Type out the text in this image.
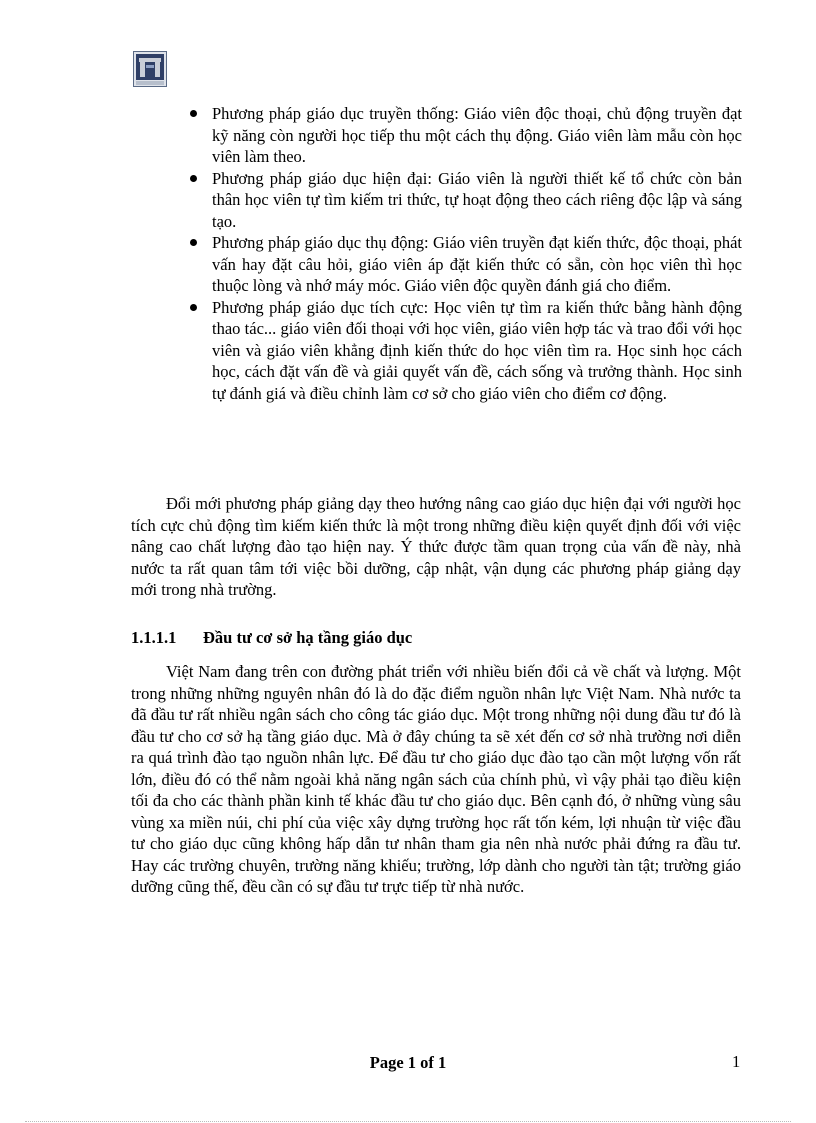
Phương pháp giáo dục truyền thống: Giáo viên độc thoại, chủ động truyền đạt kỹ năng còn người học tiếp thu một cách thụ động. Giáo viên làm mẫu còn học viên làm theo.
Phương pháp giáo dục hiện đại: Giáo viên là người thiết kế tổ chức còn bản thân học viên tự tìm kiếm tri thức, tự hoạt động theo cách riêng độc lập và sáng tạo.
Phương pháp giáo dục thụ động: Giáo viên truyền đạt kiến thức, độc thoại, phát vấn hay đặt câu hỏi, giáo viên áp đặt kiến thức có sẵn, còn học viên thì học thuộc lòng và nhớ máy móc. Giáo viên độc quyền đánh giá cho điểm.
Phương pháp giáo dục tích cực: Học viên tự tìm ra kiến thức bằng hành động thao tác... giáo viên đối thoại với học viên, giáo viên hợp tác và trao đổi với học viên và giáo viên khẳng định kiến thức do học viên tìm ra. Học sinh học cách học, cách đặt vấn đề và giải quyết vấn đề, cách sống và trưởng thành. Học sinh tự đánh giá và điều chỉnh làm cơ sở cho giáo viên cho điểm cơ động.

Đổi mới phương pháp giảng dạy theo hướng nâng cao giáo dục hiện đại với người học tích cực chủ động tìm kiếm kiến thức là một trong những điều kiện quyết định đối với việc nâng cao chất lượng đào tạo hiện nay. Ý thức được tầm quan trọng của vấn đề này, nhà nước ta rất quan tâm tới việc bồi dưỡng, cập nhật, vận dụng các phương pháp giảng dạy mới trong nhà trường.

1.1.1.1 Đầu tư cơ sở hạ tầng giáo dục

Việt Nam đang trên con đường phát triển với nhiều biến đổi cả về chất và lượng. Một trong những những nguyên nhân đó là do đặc điểm nguồn nhân lực Việt Nam. Nhà nước ta đã đầu tư rất nhiều ngân sách cho công tác giáo dục. Một trong những nội dung đầu tư đó là đầu tư cho cơ sở hạ tầng giáo dục. Mà ở đây chúng ta sẽ xét đến cơ sở nhà trường nơi diễn ra quá trình đào tạo nguồn nhân lực. Để đầu tư cho giáo dục đào tạo cần một lượng vốn rất lớn, điều đó có thể nằm ngoài khả năng ngân sách của chính phủ, vì vậy phải tạo điều kiện tối đa cho các thành phần kinh tế khác đầu tư cho giáo dục. Bên cạnh đó, ở những vùng sâu vùng xa miền núi, chi phí của việc xây dựng trường học rất tốn kém, lợi nhuận từ việc đầu tư cho giáo dục cũng không hấp dẫn tư nhân tham gia nên nhà nước phải đứng ra đầu tư. Hay các trường chuyên, trường năng khiếu; trường, lớp dành cho người tàn tật; trường giáo dưỡng cũng thế, đều cần có sự đầu tư trực tiếp từ nhà nước.

Page 1 of 1	1
